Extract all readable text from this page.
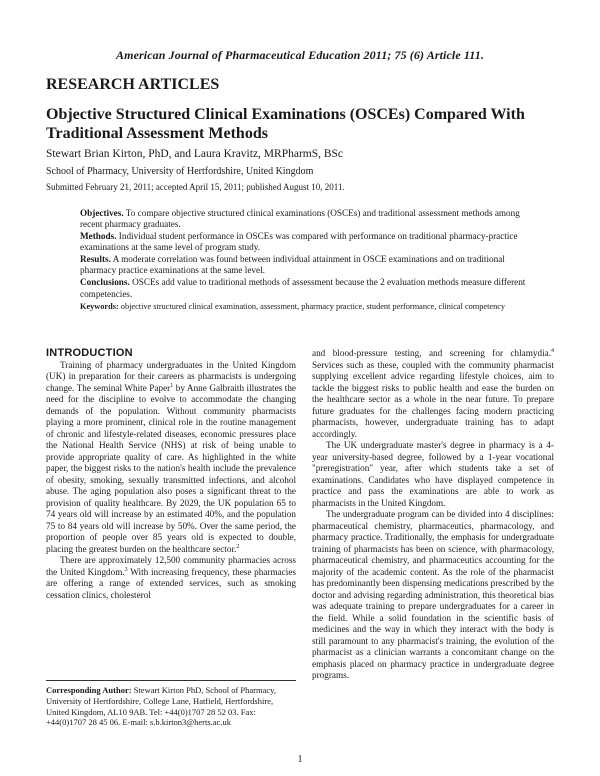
American Journal of Pharmaceutical Education 2011; 75 (6) Article 111.
RESEARCH ARTICLES
Objective Structured Clinical Examinations (OSCEs) Compared With Traditional Assessment Methods
Stewart Brian Kirton, PhD, and Laura Kravitz, MRPharmS, BSc
School of Pharmacy, University of Hertfordshire, United Kingdom
Submitted February 21, 2011; accepted April 15, 2011; published August 10, 2011.

Objectives. To compare objective structured clinical examinations (OSCEs) and traditional assessment methods among recent pharmacy graduates.

Methods. Individual student performance in OSCEs was compared with performance on traditional pharmacy-practice examinations at the same level of program study.

Results. A moderate correlation was found between individual attainment in OSCE examinations and on traditional pharmacy practice examinations at the same level.

Conclusions. OSCEs add value to traditional methods of assessment because the 2 evaluation methods measure different competencies.

Keywords: objective structured clinical examination, assessment, pharmacy practice, student performance, clinical competency

INTRODUCTION

Training of pharmacy undergraduates in the United Kingdom (UK) in preparation for their careers as pharmacists is undergoing change. The seminal White Paper$^1$ by Anne Galbraith illustrates the need for the discipline to evolve to accommodate the changing demands of the population. Without community pharmacists playing a more prominent, clinical role in the routine management of chronic and lifestyle-related diseases, economic pressures place the National Health Service (NHS) at risk of being unable to provide appropriate quality of care. As highlighted in the white paper, the biggest risks to the nation's health include the prevalence of obesity, smoking, sexually transmitted infections, and alcohol abuse. The aging population also poses a significant threat to the provision of quality healthcare. By 2029, the UK population 65 to 74 years old will increase by an estimated 40%, and the population 75 to 84 years old will increase by 50%. Over the same period, the proportion of people over 85 years old is expected to double, placing the greatest burden on the healthcare sector.$^2$

There are approximately 12,500 community pharmacies across the United Kingdom.$^3$ With increasing frequency, these pharmacies are offering a range of extended services, such as smoking cessation clinics, cholesterol

and blood-pressure testing, and screening for chlamydia.$^4$ Services such as these, coupled with the community pharmacist supplying excellent advice regarding lifestyle choices, aim to tackle the biggest risks to public health and ease the burden on the healthcare sector as a whole in the near future. To prepare future graduates for the challenges facing modern practicing pharmacists, however, undergraduate training has to adapt accordingly.

The UK undergraduate master's degree in pharmacy is a 4-year university-based degree, followed by a 1-year vocational "preregistration" year, after which students take a set of examinations. Candidates who have displayed competence in practice and pass the examinations are able to work as pharmacists in the United Kingdom.

The undergraduate program can be divided into 4 disciplines: pharmaceutical chemistry, pharmaceutics, pharmacology, and pharmacy practice. Traditionally, the emphasis for undergraduate training of pharmacists has been on science, with pharmacology, pharmaceutical chemistry, and pharmaceutics accounting for the majority of the academic content. As the role of the pharmacist has predominantly been dispensing medications prescribed by the doctor and advising regarding administration, this theoretical bias was adequate training to prepare undergraduates for a career in the field. While a solid foundation in the scientific basis of medicines and the way in which they interact with the body is still paramount to any pharmacist's training, the evolution of the pharmacist as a clinician warrants a concomitant change on the emphasis placed on pharmacy practice in undergraduate degree programs.

Corresponding Author: Stewart Kirton PhD, School of Pharmacy, University of Hertfordshire, College Lane, Hatfield, Hertfordshire, United Kingdom, AL10 9AB. Tel: +44(0)1707 28 52 03. Fax: +44(0)1707 28 45 06. E-mail: s.b.kirton3@herts.ac.uk
1
